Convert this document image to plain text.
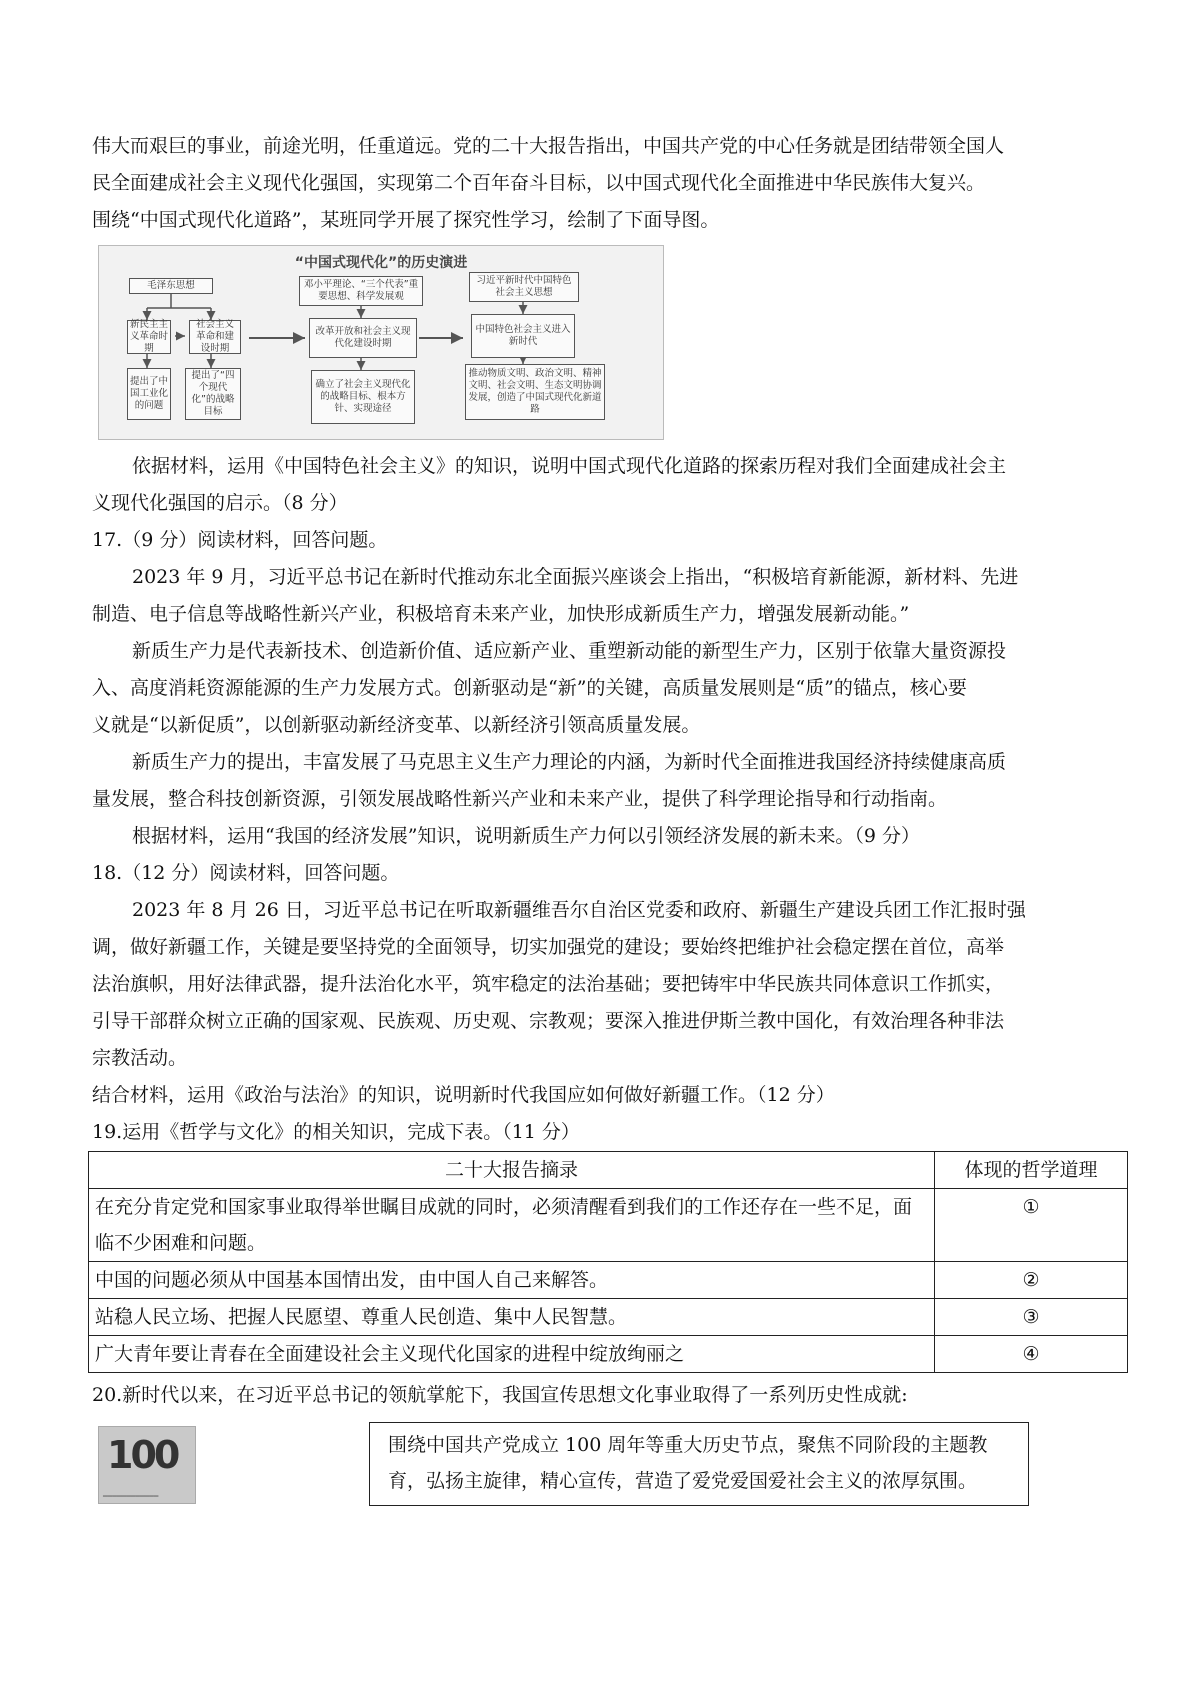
伟大而艰巨的事业，前途光明，任重道远。党的二十大报告指出，中国共产党的中心任务就是团结带领全国人

民全面建成社会主义现代化强国，实现第二个百年奋斗目标，以中国式现代化全面推进中华民族伟大复兴。

围绕“中国式现代化道路”，某班同学开展了探究性学习，绘制了下面导图。

“中国式现代化”的历史演进
毛泽东思想	邓小平理论、“三个代表”重要思想、科学发展观
习近平新时代中国特色社会主义思想
新民主主义革命时期
社会主义革命和建设时期
改革开放和社会主义现代化建设时期
中国特色社会主义进入新时代
提出了中国工业化的问题
提出了“四个现代化”的战略目标
确立了社会主义现代化的战略目标、根本方针、实现途径
推动物质文明、政治文明、精神文明、社会文明、生态文明协调发展，创造了中国式现代化新道路

依据材料，运用《中国特色社会主义》的知识，说明中国式现代化道路的探索历程对我们全面建成社会主

义现代化强国的启示。（8 分）

17.（9 分）阅读材料，回答问题。

2023 年 9 月，习近平总书记在新时代推动东北全面振兴座谈会上指出，“积极培育新能源，新材料、先进

制造、电子信息等战略性新兴产业，积极培育未来产业，加快形成新质生产力，增强发展新动能。”

新质生产力是代表新技术、创造新价值、适应新产业、重塑新动能的新型生产力，区别于依靠大量资源投

入、高度消耗资源能源的生产力发展方式。创新驱动是“新”的关键，高质量发展则是“质”的锚点，核心要

义就是“以新促质”，以创新驱动新经济变革、以新经济引领高质量发展。

新质生产力的提出，丰富发展了马克思主义生产力理论的内涵，为新时代全面推进我国经济持续健康高质

量发展，整合科技创新资源，引领发展战略性新兴产业和未来产业，提供了科学理论指导和行动指南。

根据材料，运用“我国的经济发展”知识，说明新质生产力何以引领经济发展的新未来。（9 分）

18.（12 分）阅读材料，回答问题。

2023 年 8 月 26 日，习近平总书记在听取新疆维吾尔自治区党委和政府、新疆生产建设兵团工作汇报时强

调，做好新疆工作，关键是要坚持党的全面领导，切实加强党的建设；要始终把维护社会稳定摆在首位，高举

法治旗帜，用好法律武器，提升法治化水平，筑牢稳定的法治基础；要把铸牢中华民族共同体意识工作抓实，

引导干部群众树立正确的国家观、民族观、历史观、宗教观；要深入推进伊斯兰教中国化，有效治理各种非法

宗教活动。

结合材料，运用《政治与法治》的知识，说明新时代我国应如何做好新疆工作。（12 分）

19.运用《哲学与文化》的相关知识，完成下表。（11 分）

二十大报告摘录	体现的哲学道理
在充分肯定党和国家事业取得举世瞩目成就的同时，必须清醒看到我们的工作还存在一些不足，面临不少困难和问题。	①
中国的问题必须从中国基本国情出发，由中国人自己来解答。	②
站稳人民立场、把握人民愿望、尊重人民创造、集中人民智慧。	③
广大青年要让青春在全面建设社会主义现代化国家的进程中绽放绚丽之	④

20.新时代以来，在习近平总书记的领航掌舵下，我国宣传思想文化事业取得了一系列历史性成就:

100
▁▁▁▁▁▁▁▁▁▁▁▁
围绕中国共产党成立 100 周年等重大历史节点，聚焦不同阶段的主题教育，弘扬主旋律，精心宣传，营造了爱党爱国爱社会主义的浓厚氛围。
